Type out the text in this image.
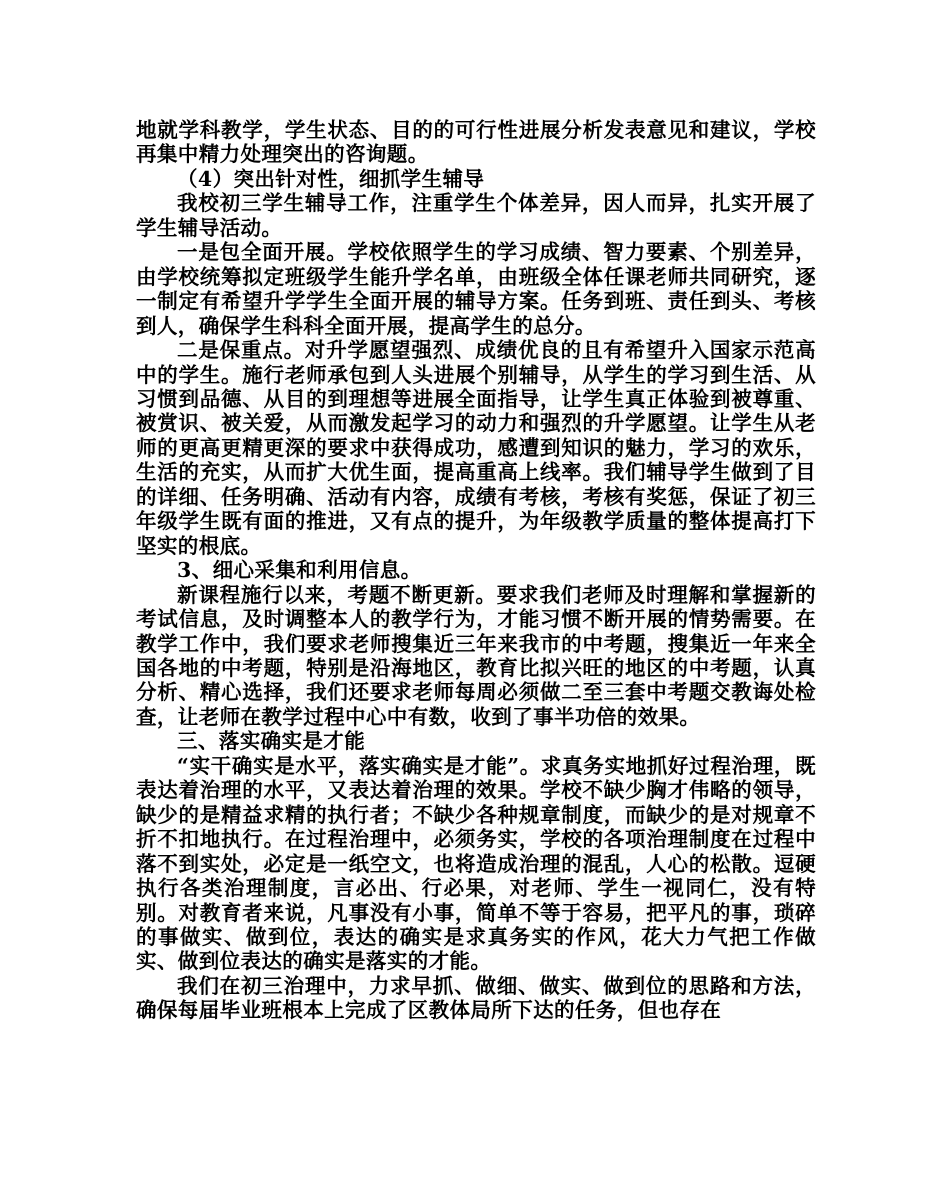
地就学科教学，学生状态、目的的可行性进展分析发表意见和建议，学校再集中精力处理突出的咨询题。

（4）突出针对性，细抓学生辅导

我校初三学生辅导工作，注重学生个体差异，因人而异，扎实开展了学生辅导活动。

一是包全面开展。学校依照学生的学习成绩、智力要素、个别差异，由学校统筹拟定班级学生能升学名单，由班级全体任课老师共同研究，逐一制定有希望升学学生全面开展的辅导方案。任务到班、责任到头、考核到人，确保学生科科全面开展，提高学生的总分。

二是保重点。对升学愿望强烈、成绩优良的且有希望升入国家示范高中的学生。施行老师承包到人头进展个别辅导，从学生的学习到生活、从习惯到品德、从目的到理想等进展全面指导，让学生真正体验到被尊重、被赏识、被关爱，从而激发起学习的动力和强烈的升学愿望。让学生从老师的更高更精更深的要求中获得成功，感遭到知识的魅力，学习的欢乐，生活的充实，从而扩大优生面，提高重高上线率。我们辅导学生做到了目的详细、任务明确、活动有内容，成绩有考核，考核有奖惩，保证了初三年级学生既有面的推进，又有点的提升，为年级教学质量的整体提高打下坚实的根底。

3、细心采集和利用信息。

新课程施行以来，考题不断更新。要求我们老师及时理解和掌握新的考试信息，及时调整本人的教学行为，才能习惯不断开展的情势需要。在教学工作中，我们要求老师搜集近三年来我市的中考题，搜集近一年来全国各地的中考题，特别是沿海地区，教育比拟兴旺的地区的中考题，认真分析、精心选择，我们还要求老师每周必须做二至三套中考题交教诲处检查，让老师在教学过程中心中有数，收到了事半功倍的效果。

三、落实确实是才能

“实干确实是水平，落实确实是才能”。求真务实地抓好过程治理，既表达着治理的水平，又表达着治理的效果。学校不缺少胸才伟略的领导，缺少的是精益求精的执行者；不缺少各种规章制度，而缺少的是对规章不折不扣地执行。在过程治理中，必须务实，学校的各项治理制度在过程中落不到实处，必定是一纸空文，也将造成治理的混乱，人心的松散。逗硬执行各类治理制度，言必出、行必果，对老师、学生一视同仁，没有特别。对教育者来说，凡事没有小事，简单不等于容易，把平凡的事，琐碎的事做实、做到位，表达的确实是求真务实的作风，花大力气把工作做实、做到位表达的确实是落实的才能。

我们在初三治理中，力求早抓、做细、做实、做到位的思路和方法，确保每届毕业班根本上完成了区教体局所下达的任务，但也存在
